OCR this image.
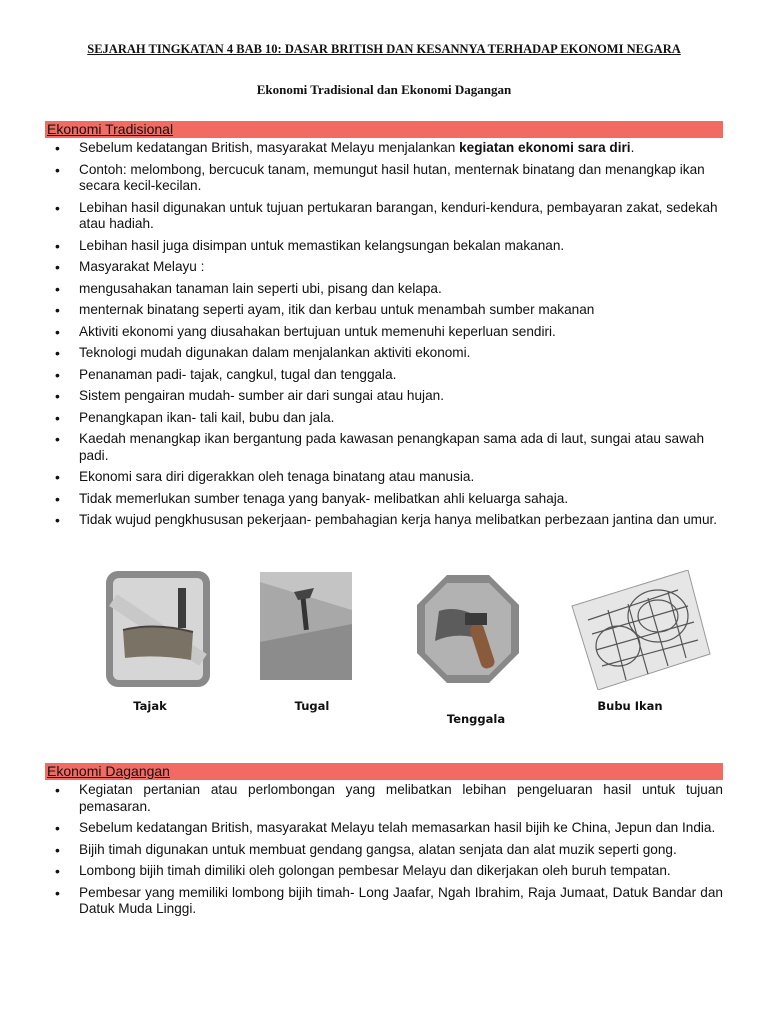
SEJARAH TINGKATAN 4 BAB 10: DASAR BRITISH DAN KESANNYA TERHADAP EKONOMI NEGARA
Ekonomi Tradisional dan Ekonomi Dagangan
Ekonomi Tradisional
• Sebelum kedatangan British, masyarakat Melayu menjalankan kegiatan ekonomi sara diri.
• Contoh: melombong, bercucuk tanam, memungut hasil hutan, menternak binatang dan menangkap ikan secara kecil-kecilan.
• Lebihan hasil digunakan untuk tujuan pertukaran barangan, kenduri-kendura, pembayaran zakat, sedekah atau hadiah.
• Lebihan hasil juga disimpan untuk memastikan kelangsungan bekalan makanan.
• Masyarakat Melayu :
• mengusahakan tanaman lain seperti ubi, pisang dan kelapa.
• menternak binatang seperti ayam, itik dan kerbau untuk menambah sumber makanan
• Aktiviti ekonomi yang diusahakan bertujuan untuk memenuhi keperluan sendiri.
• Teknologi mudah digunakan dalam menjalankan aktiviti ekonomi.
• Penanaman padi- tajak, cangkul, tugal dan tenggala.
• Sistem pengairan mudah- sumber air dari sungai atau hujan.
• Penangkapan ikan- tali kail, bubu dan jala.
• Kaedah menangkap ikan bergantung pada kawasan penangkapan sama ada di laut, sungai atau sawah padi.
• Ekonomi sara diri digerakkan oleh tenaga binatang atau manusia.
• Tidak memerlukan sumber tenaga yang banyak- melibatkan ahli keluarga sahaja.
• Tidak wujud pengkhususan pekerjaan- pembahagian kerja hanya melibatkan perbezaan jantina dan umur.
Tajak	Tugal
Tenggala
Bubu Ikan
Ekonomi Dagangan
• Kegiatan pertanian atau perlombongan yang melibatkan lebihan pengeluaran hasil untuk tujuan pemasaran.
• Sebelum kedatangan British, masyarakat Melayu telah memasarkan hasil bijih ke China, Jepun dan India.
• Bijih timah digunakan untuk membuat gendang gangsa, alatan senjata dan alat muzik seperti gong.
• Lombong bijih timah dimiliki oleh golongan pembesar Melayu dan dikerjakan oleh buruh tempatan.
• Pembesar yang memiliki lombong bijih timah- Long Jaafar, Ngah Ibrahim, Raja Jumaat, Datuk Bandar dan Datuk Muda Linggi.
